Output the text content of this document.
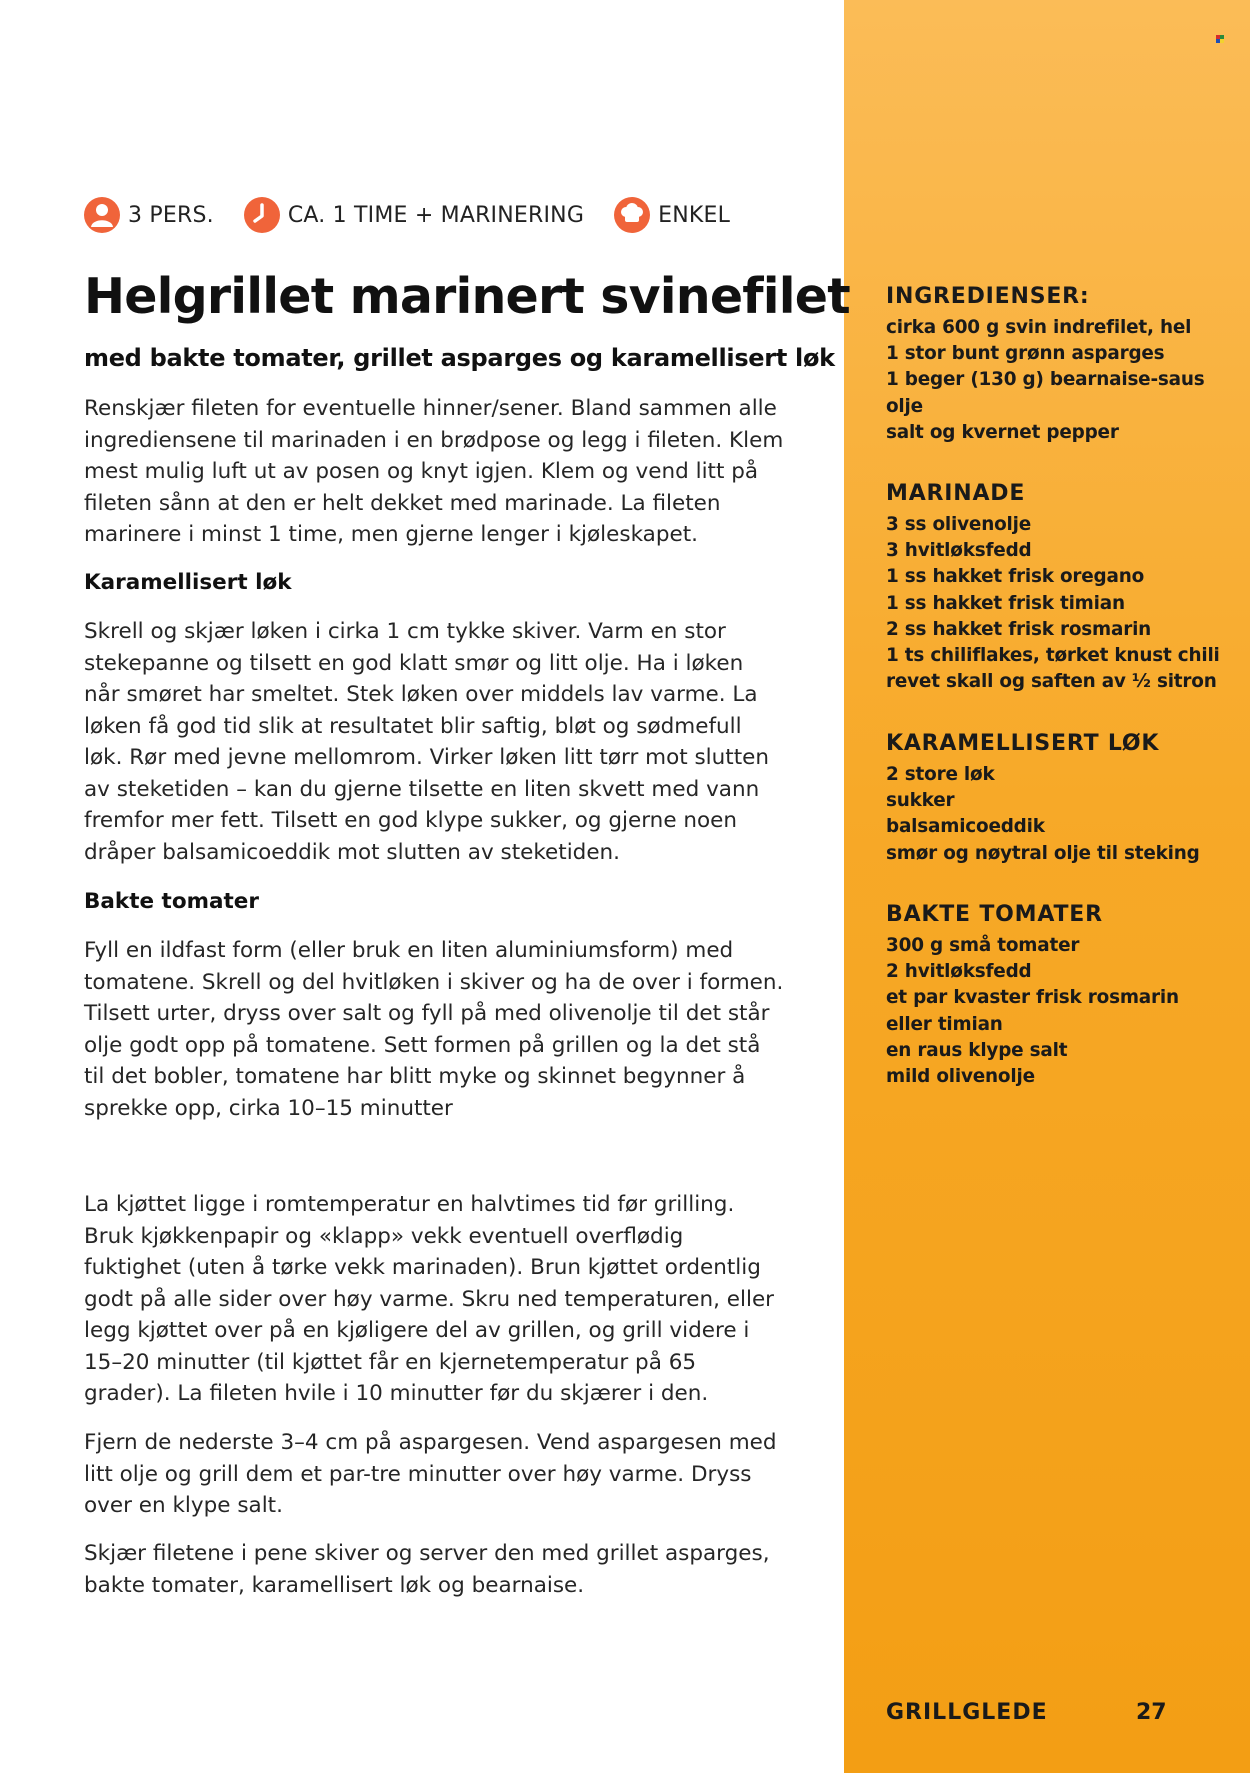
3 PERS.	CA. 1 TIME + MARINERING	ENKEL
Helgrillet marinert svinefilet
med bakte tomater, grillet asparges og karamellisert løk

Renskjær fileten for eventuelle hinner/sener. Bland sammen alle ingrediensene til marinaden i en brødpose og legg i fileten. Klem mest mulig luft ut av posen og knyt igjen. Klem og vend litt på fileten sånn at den er helt dekket med marinade. La fileten marinere i minst 1 time, men gjerne lenger i kjøleskapet.

Karamellisert løk

Skrell og skjær løken i cirka 1 cm tykke skiver. Varm en stor stekepanne og tilsett en god klatt smør og litt olje. Ha i løken når smøret har smeltet. Stek løken over middels lav varme. La løken få god tid slik at resultatet blir saftig, bløt og sødmefull løk. Rør med jevne mellomrom. Virker løken litt tørr mot slutten av steketiden – kan du gjerne tilsette en liten skvett med vann fremfor mer fett. Tilsett en god klype sukker, og gjerne noen dråper balsamicoeddik mot slutten av steketiden.

Bakte tomater

Fyll en ildfast form (eller bruk en liten aluminiumsform) med tomatene. Skrell og del hvitløken i skiver og ha de over i formen. Tilsett urter, dryss over salt og fyll på med olivenolje til det står olje godt opp på tomatene. Sett formen på grillen og la det stå til det bobler, tomatene har blitt myke og skinnet begynner å sprekke opp, cirka 10–15 minutter

La kjøttet ligge i romtemperatur en halvtimes tid før grilling. Bruk kjøkkenpapir og «klapp» vekk eventuell overflødig fuktighet (uten å tørke vekk marinaden). Brun kjøttet ordentlig godt på alle sider over høy varme. Skru ned temperaturen, eller legg kjøttet over på en kjøligere del av grillen, og grill videre i 15–20 minutter (til kjøttet får en kjernetemperatur på 65 grader). La fileten hvile i 10 minutter før du skjærer i den.

Fjern de nederste 3–4 cm på aspargesen. Vend aspargesen med litt olje og grill dem et par-tre minutter over høy varme. Dryss over en klype salt.

Skjær filetene i pene skiver og server den med grillet asparges, bakte tomater, karamellisert løk og bearnaise.

INGREDIENSER:
cirka 600 g svin indrefilet, hel
1 stor bunt grønn asparges
1 beger (130 g) bearnaise-saus
olje
salt og kvernet pepper
MARINADE
3 ss olivenolje
3 hvitløksfedd
1 ss hakket frisk oregano
1 ss hakket frisk timian
2 ss hakket frisk rosmarin
1 ts chiliflakes, tørket knust chili
revet skall og saften av ½ sitron
KARAMELLISERT LØK
2 store løk
sukker
balsamicoeddik
smør og nøytral olje til steking
BAKTE TOMATER
300 g små tomater
2 hvitløksfedd
et par kvaster frisk rosmarin
eller timian
en raus klype salt
mild olivenolje
GRILLGLEDE	27
